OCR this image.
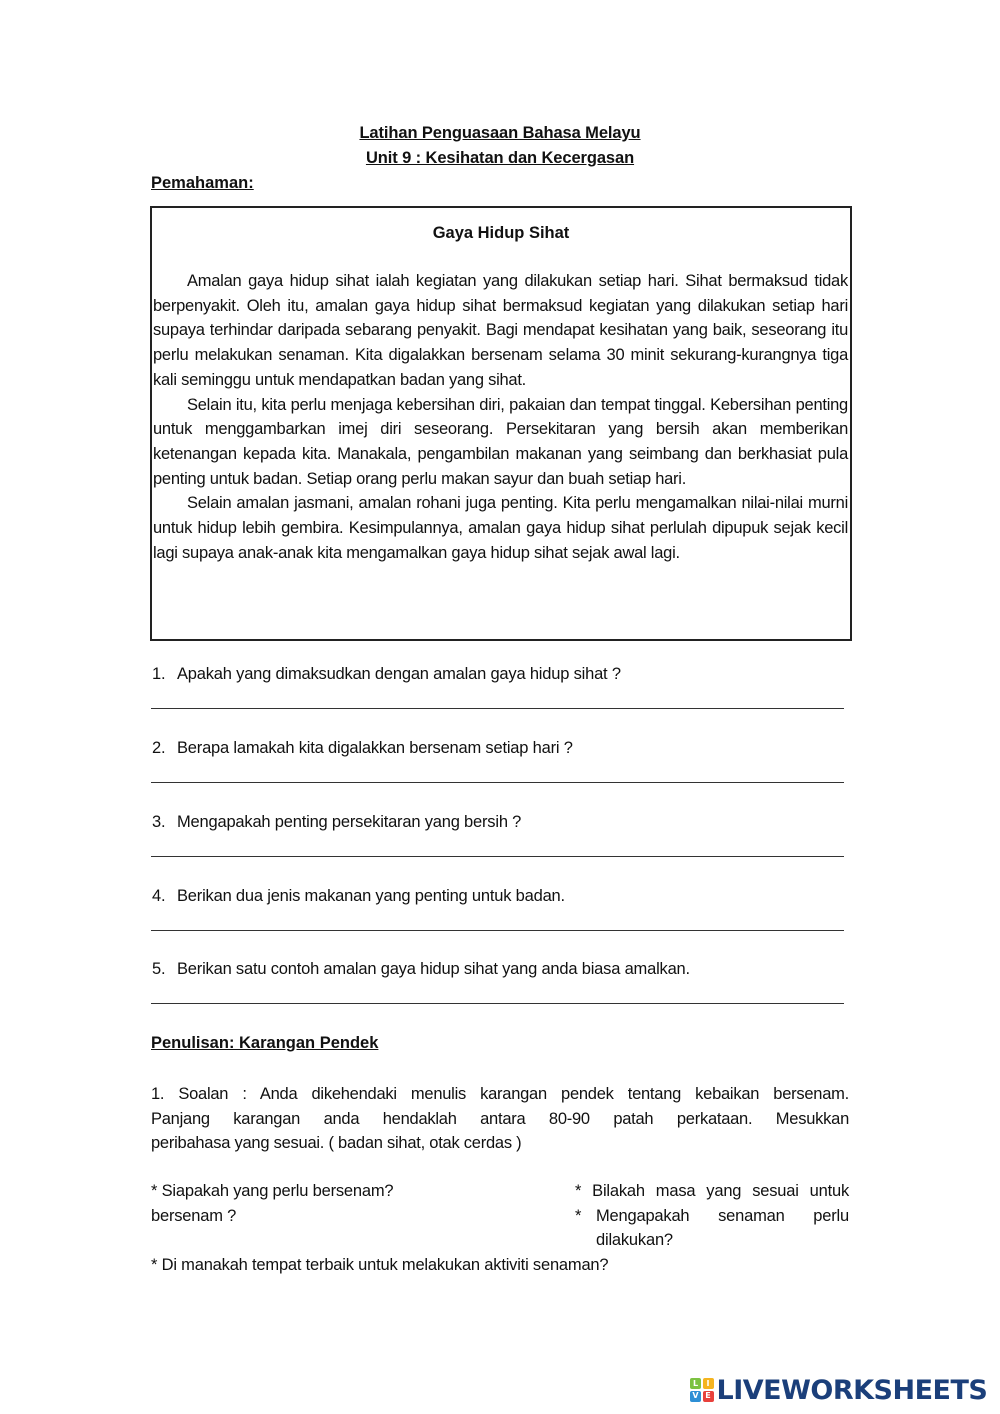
Latihan Penguasaan Bahasa Melayu
Unit 9 : Kesihatan dan Kecergasan
Pemahaman:
Gaya Hidup Sihat

Amalan gaya hidup sihat ialah kegiatan yang dilakukan setiap hari. Sihat bermaksud tidak berpenyakit. Oleh itu, amalan gaya hidup sihat bermaksud kegiatan yang dilakukan setiap hari supaya terhindar daripada sebarang penyakit. Bagi mendapat kesihatan yang baik, seseorang itu perlu melakukan senaman. Kita digalakkan bersenam selama 30 minit sekurang-kurangnya tiga kali seminggu untuk mendapatkan badan yang sihat.

Selain itu, kita perlu menjaga kebersihan diri, pakaian dan tempat tinggal. Kebersihan penting untuk menggambarkan imej diri seseorang. Persekitaran yang bersih akan memberikan ketenangan kepada kita. Manakala, pengambilan makanan yang seimbang dan berkhasiat pula penting untuk badan. Setiap orang perlu makan sayur dan buah setiap hari.

Selain amalan jasmani, amalan rohani juga penting. Kita perlu mengamalkan nilai-nilai murni untuk hidup lebih gembira. Kesimpulannya, amalan gaya hidup sihat perlulah dipupuk sejak kecil lagi supaya anak-anak kita mengamalkan gaya hidup sihat sejak awal lagi.

1. Apakah yang dimaksudkan dengan amalan gaya hidup sihat ?
2. Berapa lamakah kita digalakkan bersenam setiap hari ?
3. Mengapakah penting persekitaran yang bersih ?
4. Berikan dua jenis makanan yang penting untuk badan.
5. Berikan satu contoh amalan gaya hidup sihat yang anda biasa amalkan.
Penulisan: Karangan Pendek
1. Soalan : Anda dikehendaki menulis karangan pendek tentang kebaikan bersenam.
Panjang karangan anda hendaklah antara 80-90 patah perkataan. Mesukkan
peribahasa yang sesuai. ( badan sihat, otak cerdas )
* Siapakah yang perlu bersenam?
bersenam ?
* Bilakah masa yang sesuai untuk
* Mengapakah senaman perlu
dilakukan?
* Di manakah tempat terbaik untuk melakukan aktiviti senaman?
L	I
V E LIVEWORKSHEETS
